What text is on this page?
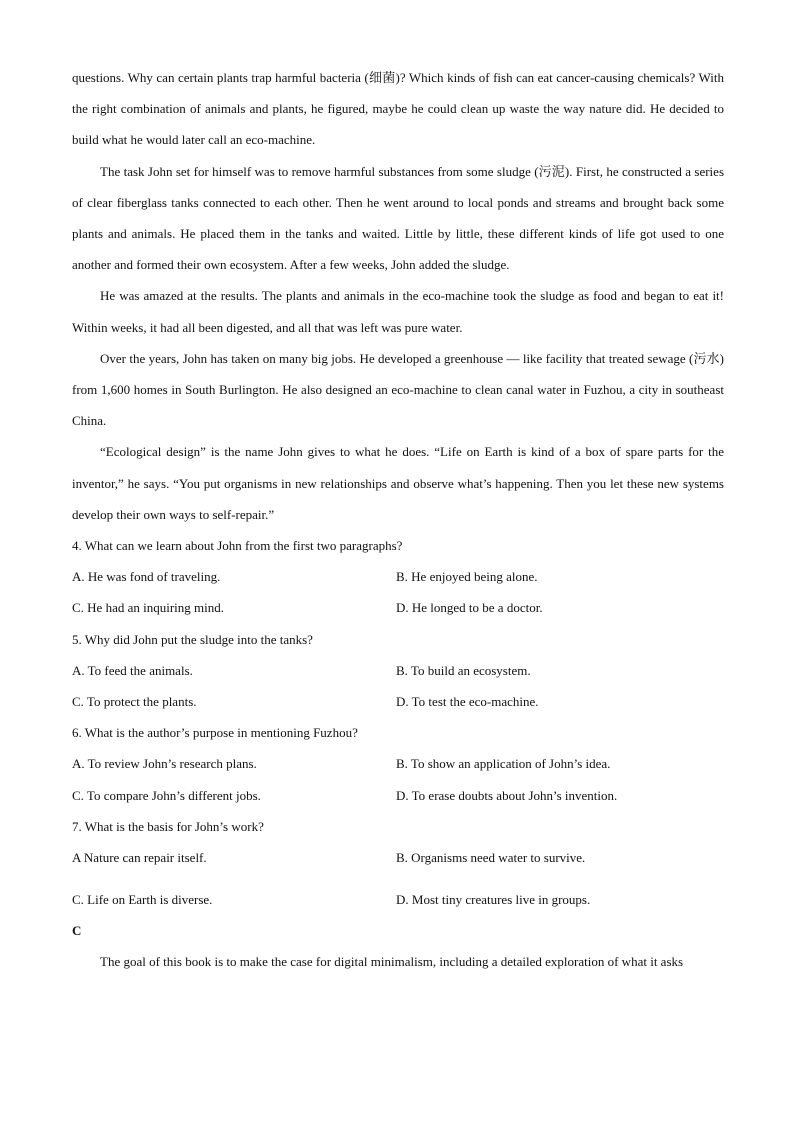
questions. Why can certain plants trap harmful bacteria (细菌)? Which kinds of fish can eat cancer-causing chemicals? With the right combination of animals and plants, he figured, maybe he could clean up waste the way nature did. He decided to build what he would later call an eco-machine.

The task John set for himself was to remove harmful substances from some sludge (污泥). First, he constructed a series of clear fiberglass tanks connected to each other. Then he went around to local ponds and streams and brought back some plants and animals. He placed them in the tanks and waited. Little by little, these different kinds of life got used to one another and formed their own ecosystem. After a few weeks, John added the sludge.

He was amazed at the results. The plants and animals in the eco-machine took the sludge as food and began to eat it! Within weeks, it had all been digested, and all that was left was pure water.

Over the years, John has taken on many big jobs. He developed a greenhouse — like facility that treated sewage (污水) from 1,600 homes in South Burlington. He also designed an eco-machine to clean canal water in Fuzhou, a city in southeast China.

“Ecological design” is the name John gives to what he does. “Life on Earth is kind of a box of spare parts for the inventor,” he says. “You put organisms in new relationships and observe what’s happening. Then you let these new systems develop their own ways to self-repair.”

4. What can we learn about John from the first two paragraphs?

A. He was fond of traveling.	B. He enjoyed being alone.
C. He had an inquiring mind.	D. He longed to be a doctor.

5. Why did John put the sludge into the tanks?

A. To feed the animals.	B. To build an ecosystem.
C. To protect the plants.	D. To test the eco-machine.

6. What is the author’s purpose in mentioning Fuzhou?

A. To review John’s research plans.	B. To show an application of John’s idea.
C. To compare John’s different jobs.	D. To erase doubts about John’s invention.

7. What is the basis for John’s work?

A Nature can repair itself.	B. Organisms need water to survive.
C. Life on Earth is diverse.	D. Most tiny creatures live in groups.

C

The goal of this book is to make the case for digital minimalism, including a detailed exploration of what it asks
